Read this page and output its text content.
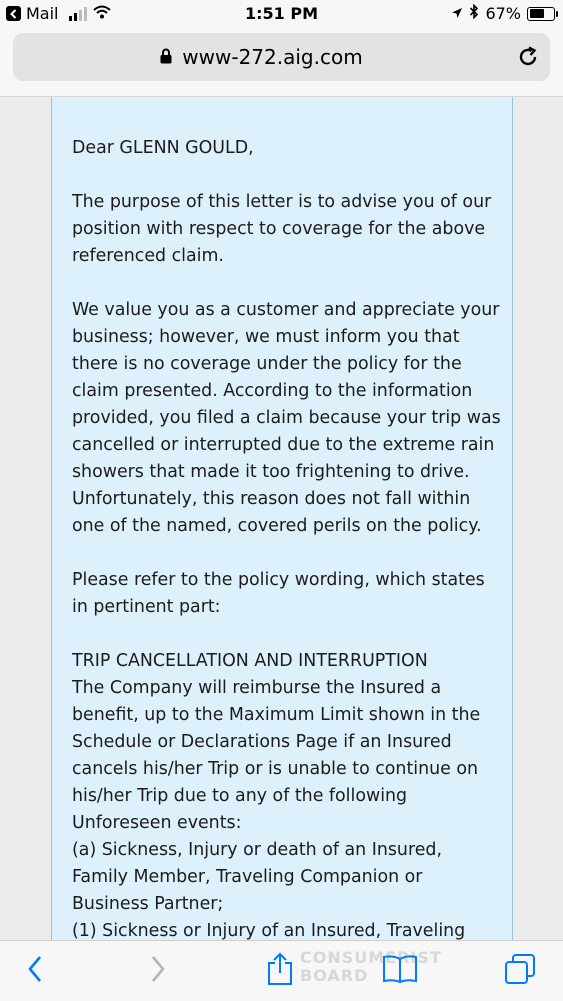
Mail	1:51 PM	67%
www-272.aig.com

Dear GLENN GOULD,

The purpose of this letter is to advise you of our position with respect to coverage for the above referenced claim.

We value you as a customer and appreciate your business; however, we must inform you that there is no coverage under the policy for the claim presented. According to the information provided, you filed a claim because your trip was cancelled or interrupted due to the extreme rain showers that made it too frightening to drive. Unfortunately, this reason does not fall within one of the named, covered perils on the policy.

Please refer to the policy wording, which states in pertinent part:

TRIP CANCELLATION AND INTERRUPTION

The Company will reimburse the Insured a benefit, up to the Maximum Limit shown in the Schedule or Declarations Page if an Insured cancels his/her Trip or is unable to continue on his/her Trip due to any of the following Unforeseen events:

(a) Sickness, Injury or death of an Insured, Family Member, Traveling Companion or Business Partner;

(1) Sickness or Injury of an Insured, Traveling

CONSUMERIST
BOARD
